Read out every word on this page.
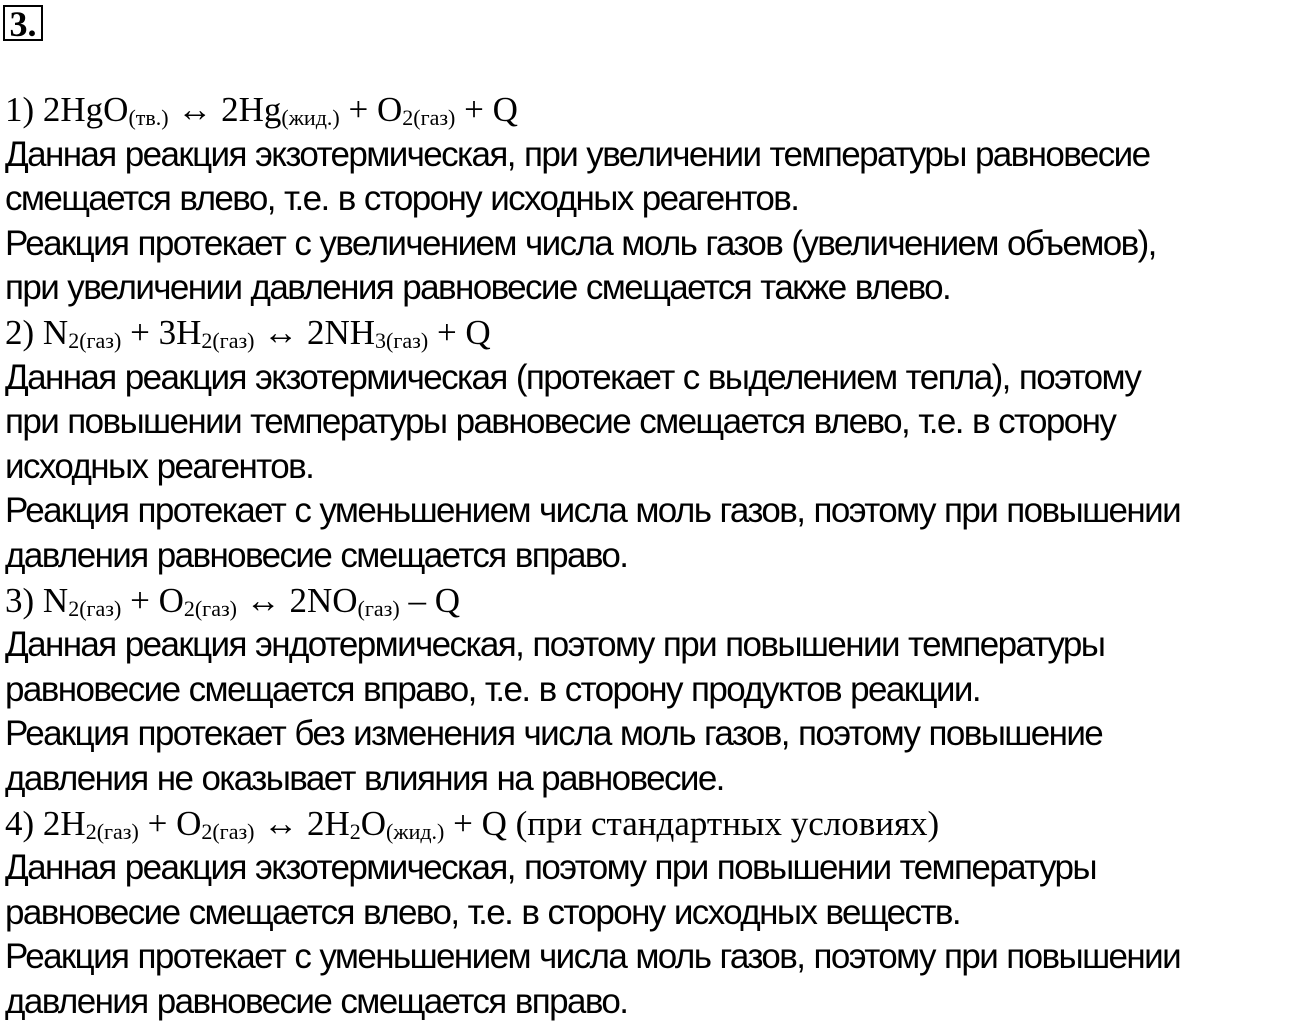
3.
1) 2HgO$_{(тв.)}$ ↔ $2Hg_{(жид.)} + O_{2(газ)} + Q$
Данная реакция экзотермическая, при увеличении температуры равновесие
смещается влево, т.е. в сторону исходных реагентов.
Реакция протекает с увеличением числа моль газов (увеличением объемов),
при увеличении давления равновесие смещается также влево.
2) $N_{2(газ)} + 3H_{2(газ)}$ ↔ $2NH_{3(газ)} + Q$
Данная реакция экзотермическая (протекает с выделением тепла), поэтому
при повышении температуры равновесие смещается влево, т.е. в сторону
исходных реагентов.
Реакция протекает с уменьшением числа моль газов, поэтому при повышении
давления равновесие смещается вправо.
3) $N_{2(газ)} + O_{2(газ)}$ ↔ $2NO_{(газ)}$ – Q
Данная реакция эндотермическая, поэтому при повышении температуры
равновесие смещается вправо, т.е. в сторону продуктов реакции.
Реакция протекает без изменения числа моль газов, поэтому повышение
давления не оказывает влияния на равновесие.
4) $2H_{2(газ)} + O_{2(газ)}$ ↔ $2H_2O_{(жид.)} + Q$ (при стандартных условиях)
Данная реакция экзотермическая, поэтому при повышении температуры
равновесие смещается влево, т.е. в сторону исходных веществ.
Реакция протекает с уменьшением числа моль газов, поэтому при повышении
давления равновесие смещается вправо.
